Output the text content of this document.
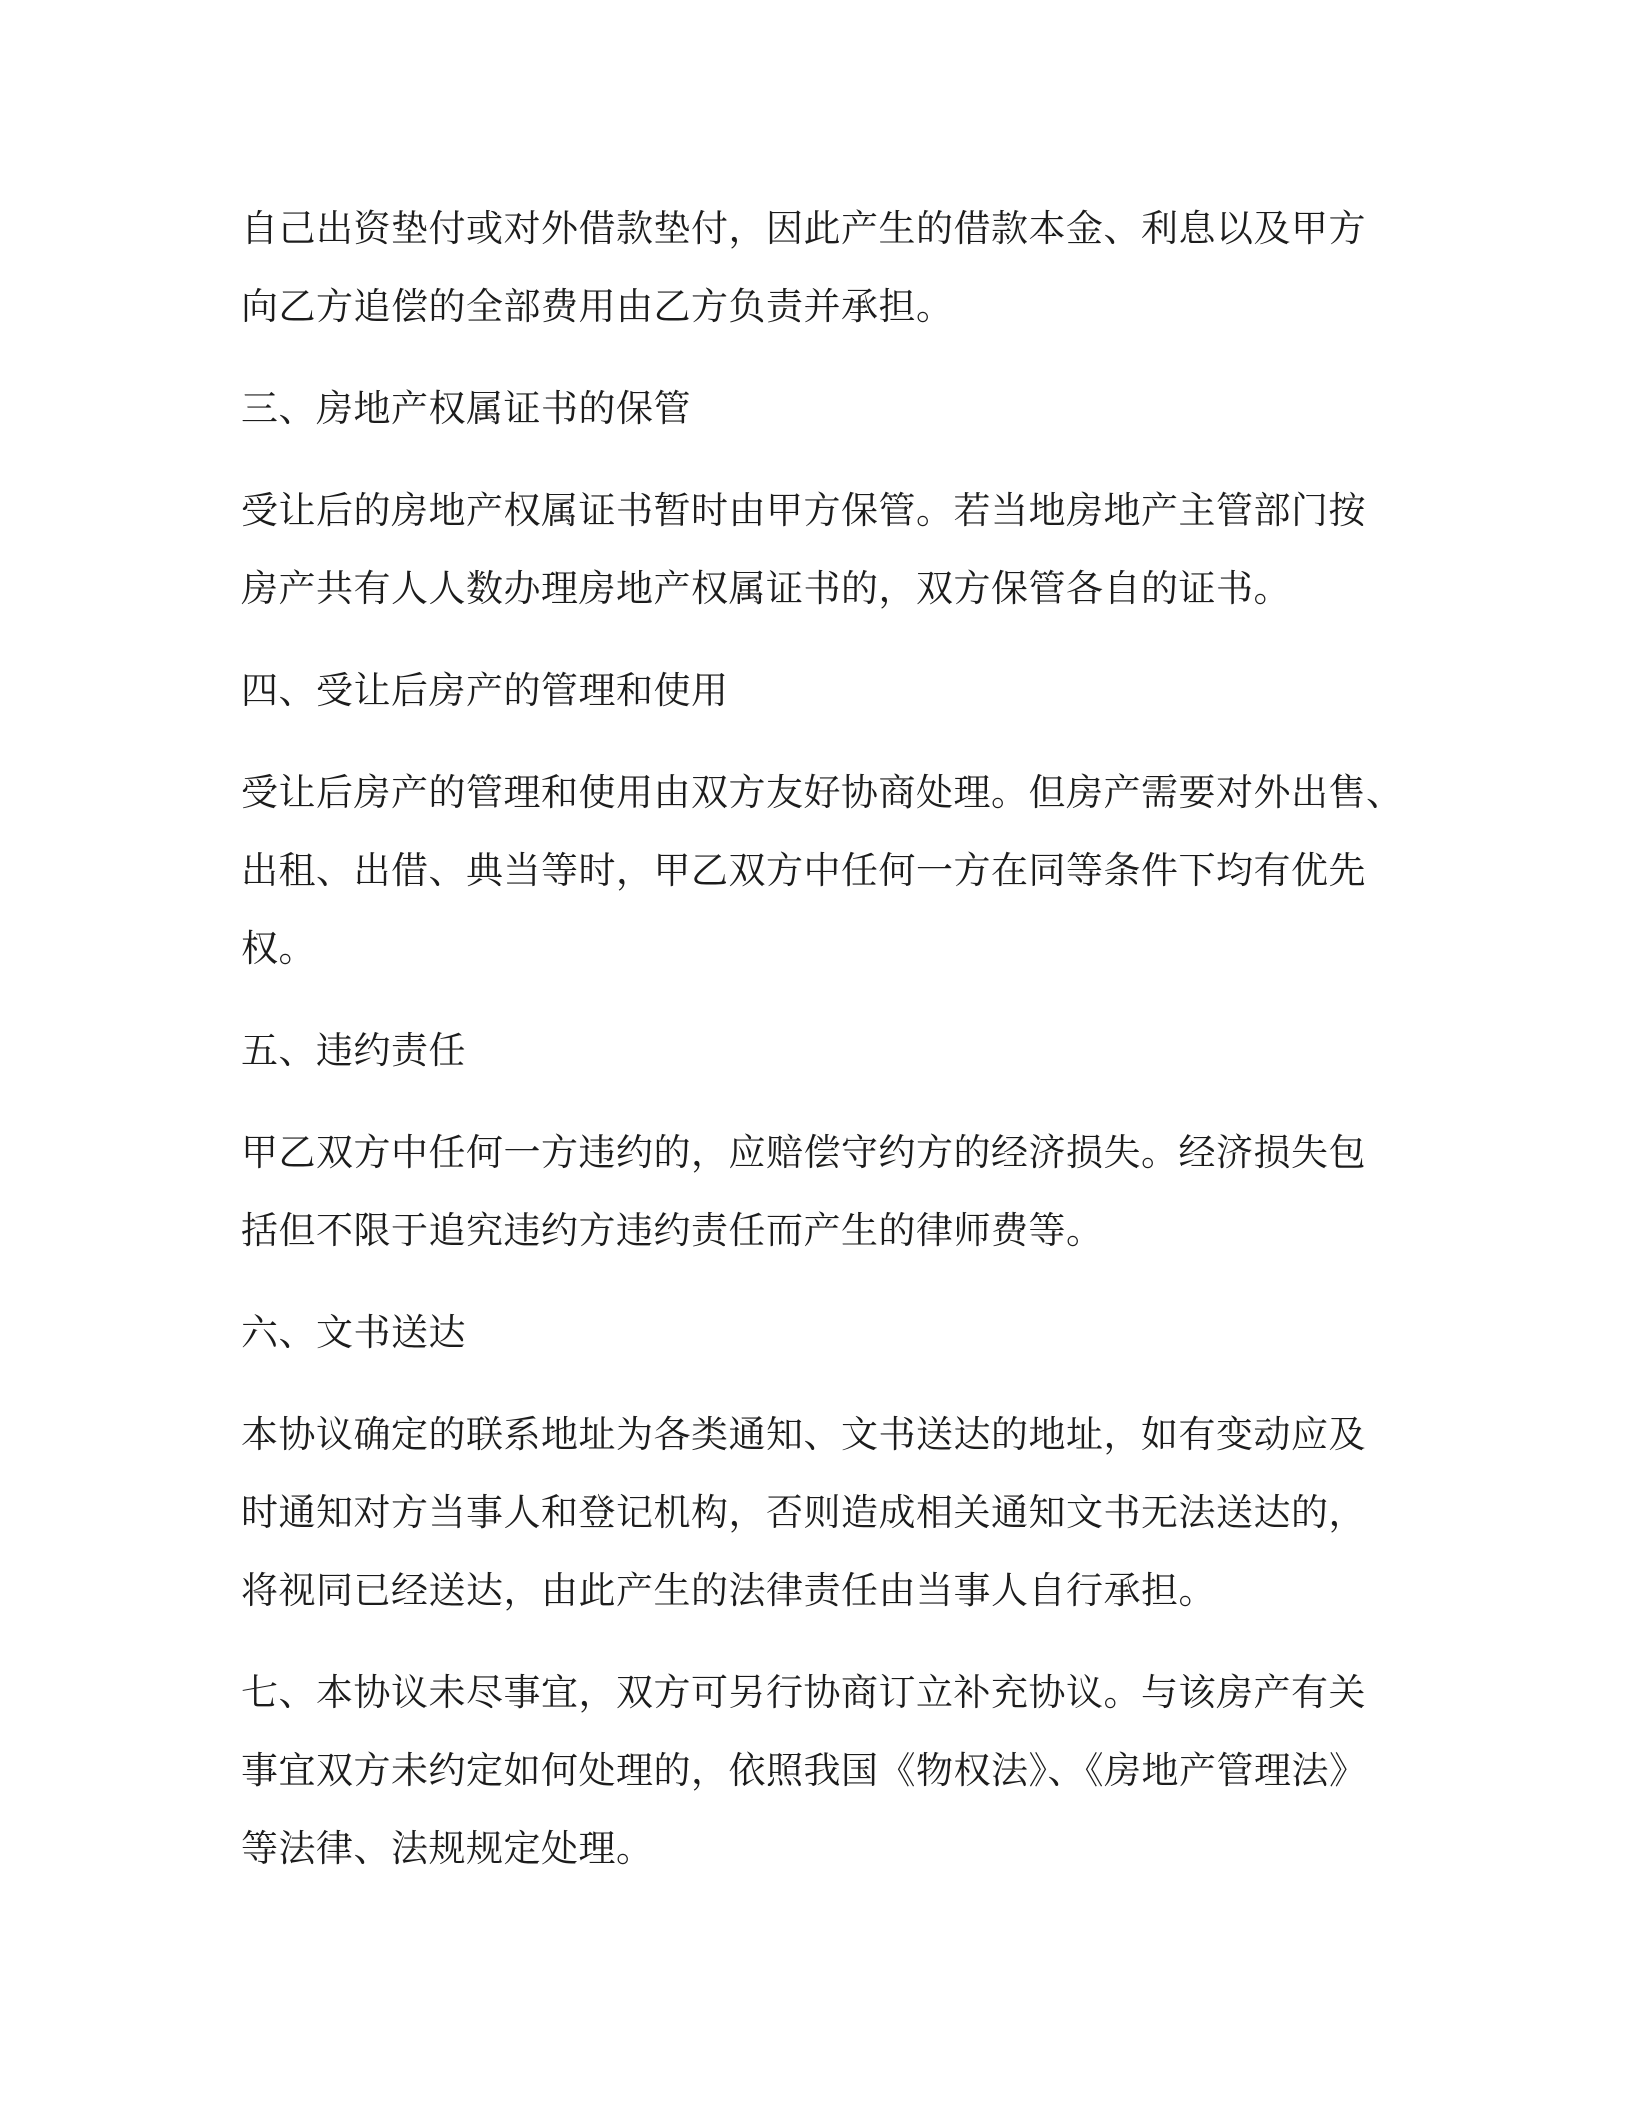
自己出资垫付或对外借款垫付，因此产生的借款本金、利息以及甲方
向乙方追偿的全部费用由乙方负责并承担。

三、房地产权属证书的保管

受让后的房地产权属证书暂时由甲方保管。若当地房地产主管部门按
房产共有人人数办理房地产权属证书的，双方保管各自的证书。

四、受让后房产的管理和使用

受让后房产的管理和使用由双方友好协商处理。但房产需要对外出售、
出租、出借、典当等时，甲乙双方中任何一方在同等条件下均有优先
权。

五、违约责任

甲乙双方中任何一方违约的，应赔偿守约方的经济损失。经济损失包
括但不限于追究违约方违约责任而产生的律师费等。

六、文书送达

本协议确定的联系地址为各类通知、文书送达的地址，如有变动应及
时通知对方当事人和登记机构，否则造成相关通知文书无法送达的，
将视同已经送达，由此产生的法律责任由当事人自行承担。

七、本协议未尽事宜，双方可另行协商订立补充协议。与该房产有关
事宜双方未约定如何处理的，依照我国《物权法》、《房地产管理法》
等法律、法规规定处理。
